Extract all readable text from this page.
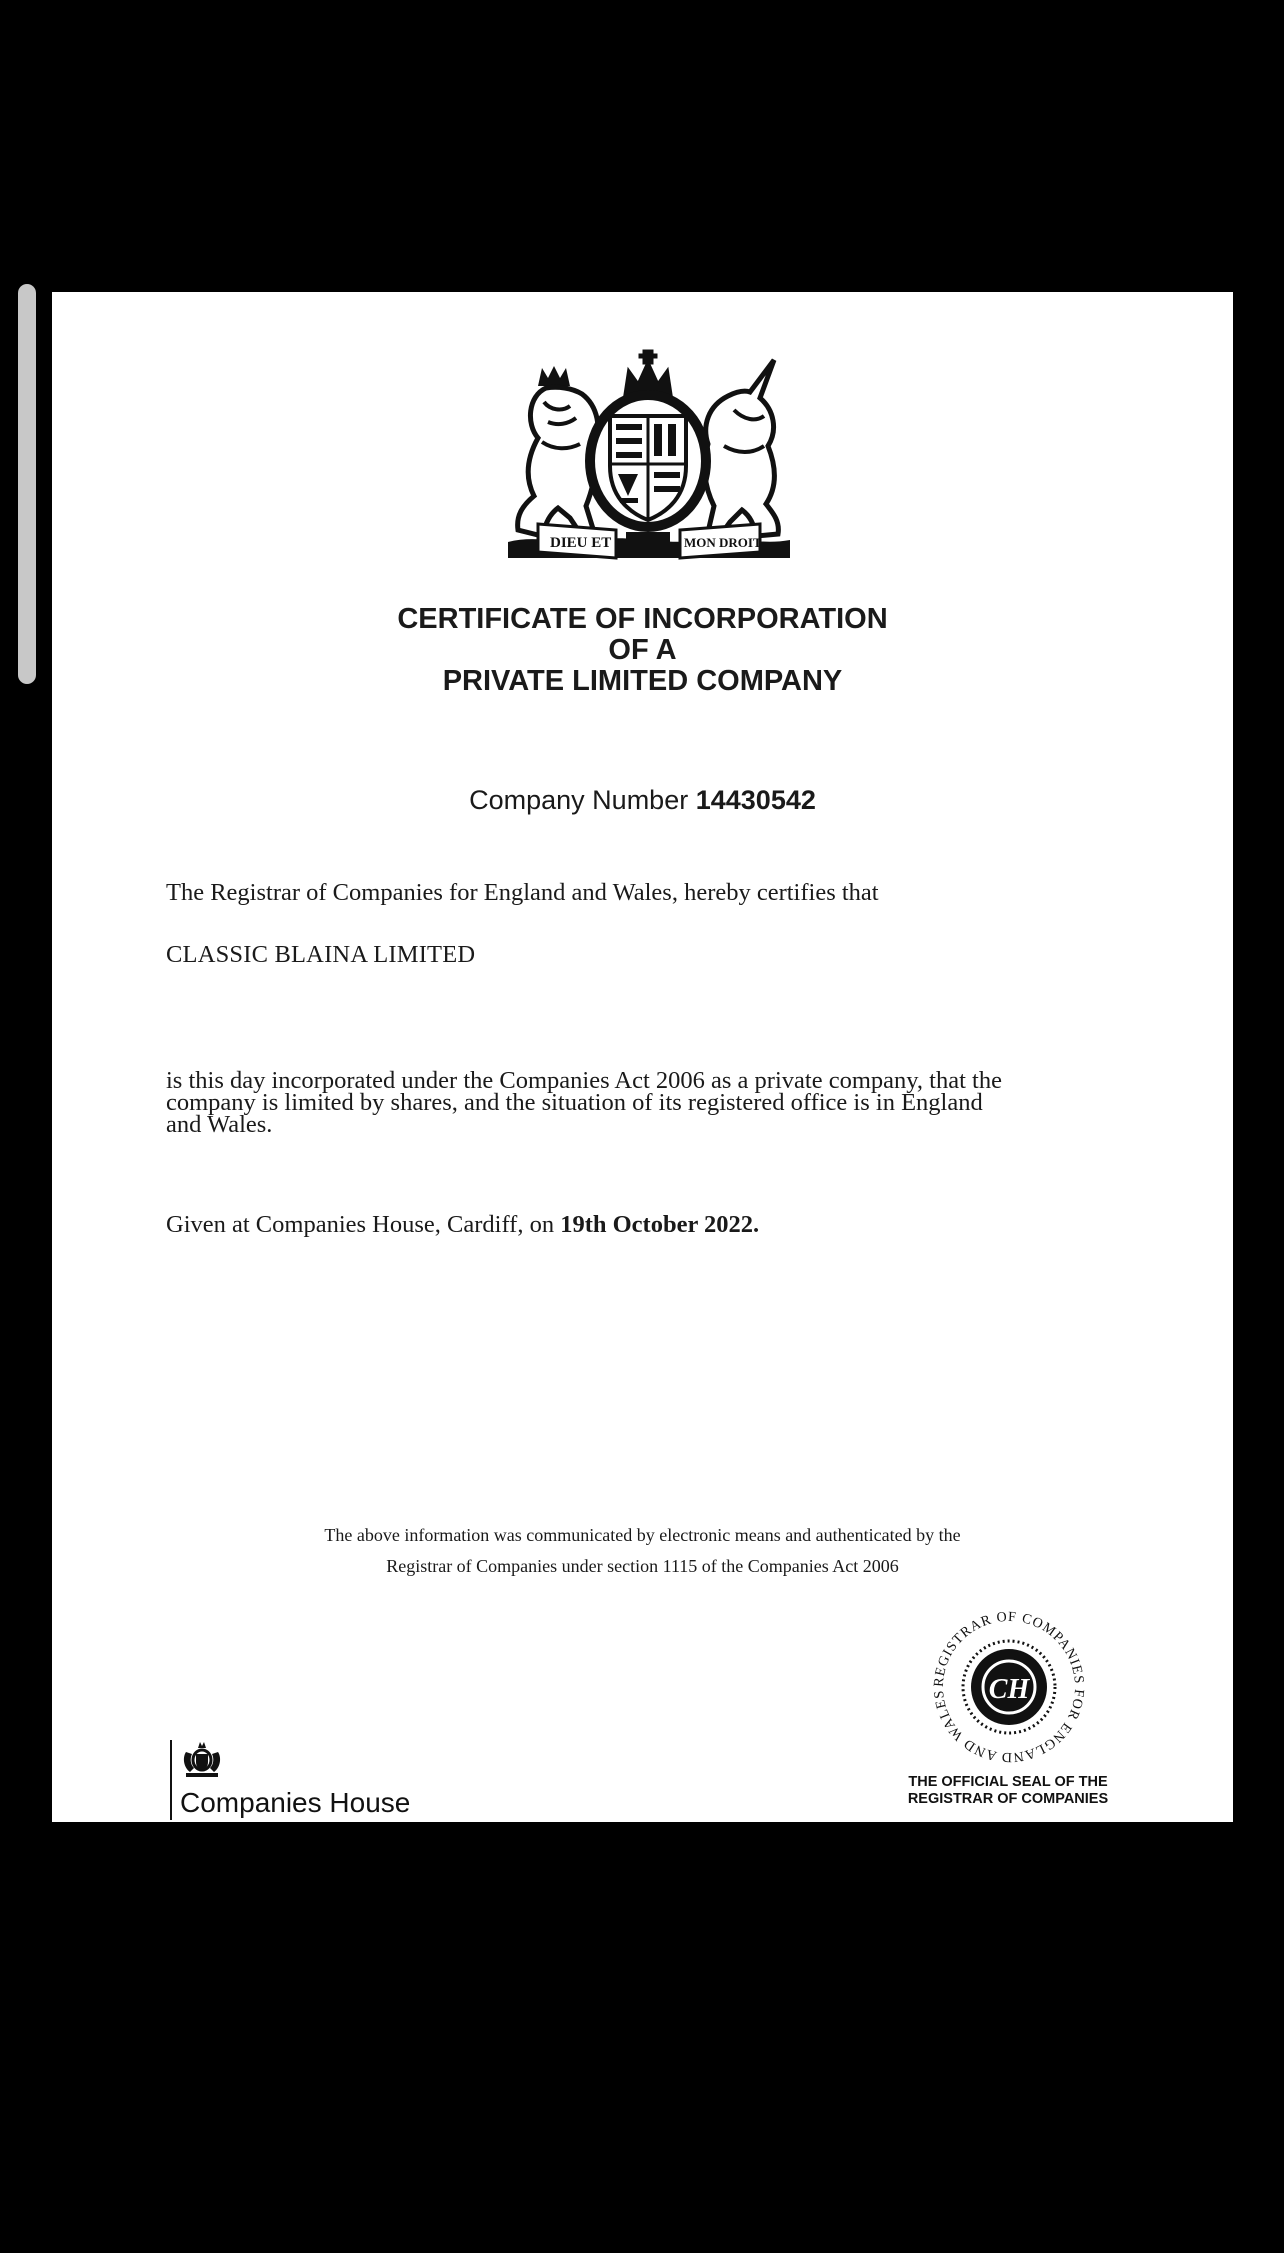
DIEU ET	MON DROIT
CERTIFICATE OF INCORPORATION
OF A
PRIVATE LIMITED COMPANY
Company Number 14430542
The Registrar of Companies for England and Wales, hereby certifies that
CLASSIC BLAINA LIMITED
is this day incorporated under the Companies Act 2006 as a private company, that the
company is limited by shares, and the situation of its registered office is in England
and Wales.
Given at Companies House, Cardiff, on 19th October 2022.
The above information was communicated by electronic means and authenticated by the
Registrar of Companies under section 1115 of the Companies Act 2006
REGISTRAR OF COMPANIES FOR ENGLAND AND WALES	CH
THE OFFICIAL SEAL OF THE
REGISTRAR OF COMPANIES
Companies House
